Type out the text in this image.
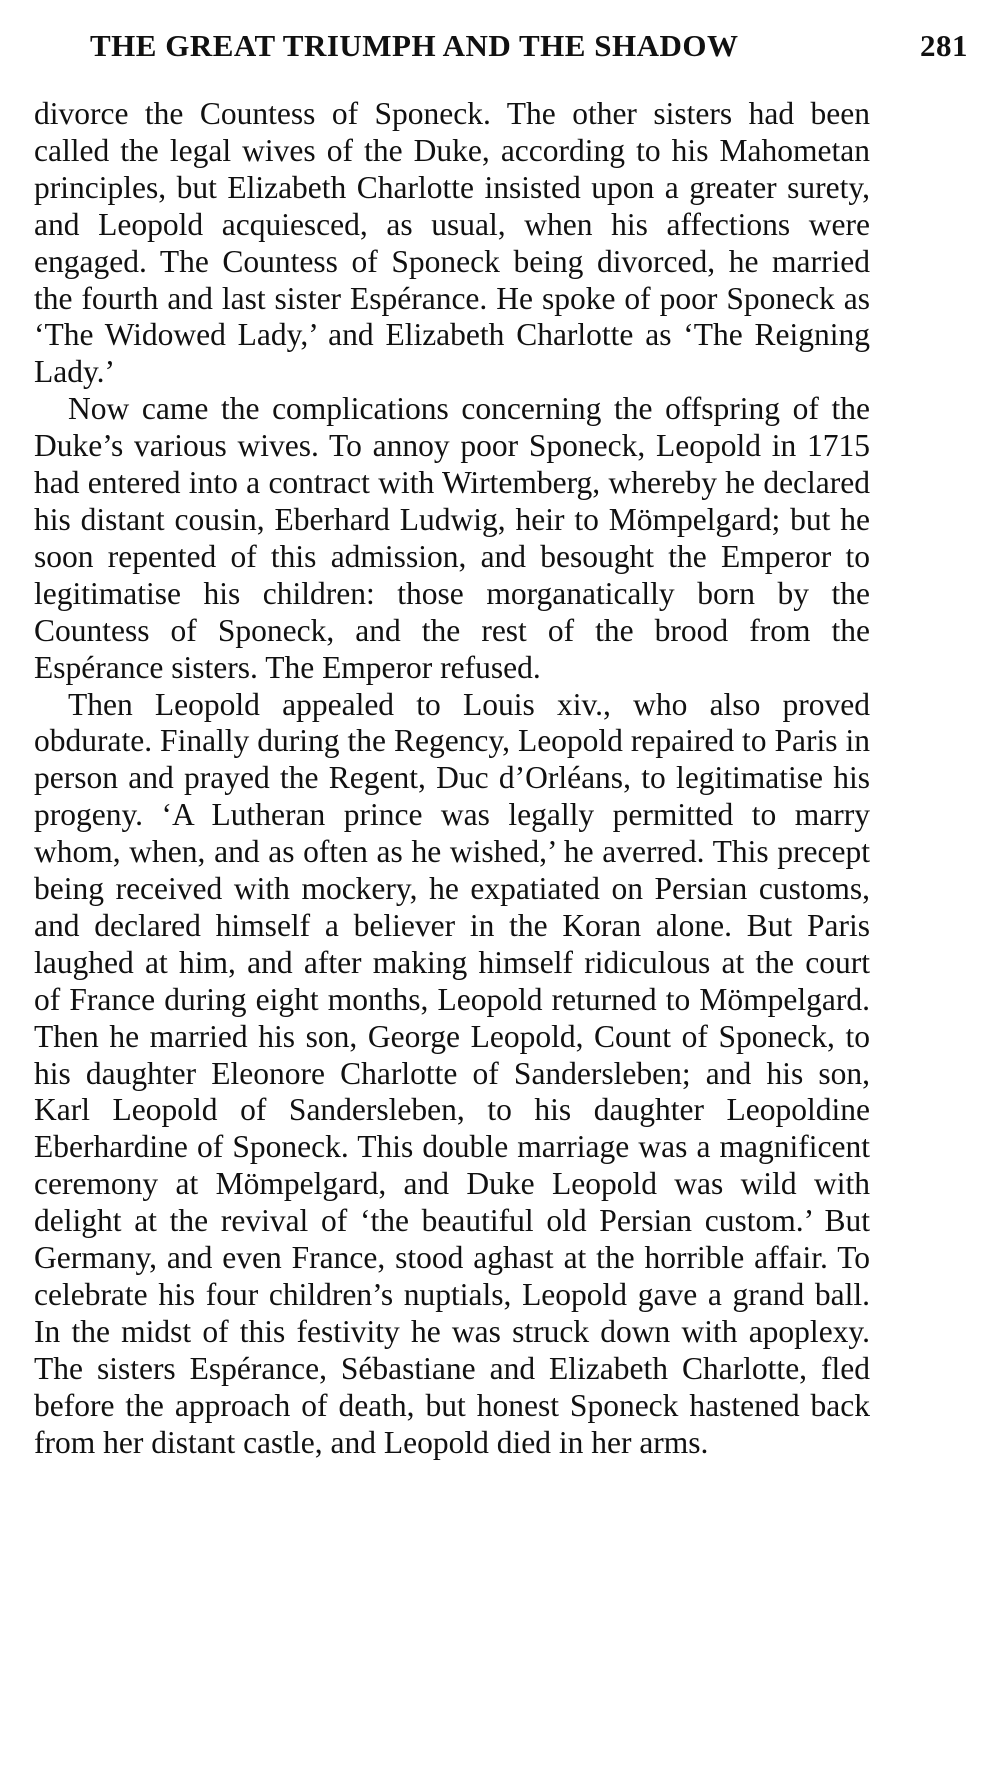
THE GREAT TRIUMPH AND THE SHADOW	281

divorce the Countess of Sponeck. The other sisters had been called the legal wives of the Duke, according to his Mahometan principles, but Elizabeth Charlotte insisted upon a greater surety, and Leopold acquiesced, as usual, when his affections were engaged. The Countess of Sponeck being divorced, he married the fourth and last sister Espérance. He spoke of poor Sponeck as ‘The Widowed Lady,’ and Elizabeth Charlotte as ‘The Reigning Lady.’

Now came the complications concerning the offspring of the Duke’s various wives. To annoy poor Sponeck, Leopold in 1715 had entered into a contract with Wirtemberg, whereby he declared his distant cousin, Eberhard Ludwig, heir to Mömpelgard; but he soon repented of this admission, and besought the Emperor to legitimatise his children: those morganatically born by the Countess of Sponeck, and the rest of the brood from the Espérance sisters. The Emperor refused.

Then Leopold appealed to Louis xiv., who also proved obdurate. Finally during the Regency, Leopold repaired to Paris in person and prayed the Regent, Duc d’Orléans, to legitimatise his progeny. ‘A Lutheran prince was legally permitted to marry whom, when, and as often as he wished,’ he averred. This precept being received with mockery, he expatiated on Persian customs, and declared himself a believer in the Koran alone. But Paris laughed at him, and after making himself ridiculous at the court of France during eight months, Leopold returned to Mömpelgard. Then he married his son, George Leopold, Count of Sponeck, to his daughter Eleonore Charlotte of Sandersleben; and his son, Karl Leopold of Sandersleben, to his daughter Leopoldine Eberhardine of Sponeck. This double marriage was a magnificent ceremony at Mömpelgard, and Duke Leopold was wild with delight at the revival of ‘the beautiful old Persian custom.’ But Germany, and even France, stood aghast at the horrible affair. To celebrate his four children’s nuptials, Leopold gave a grand ball. In the midst of this festivity he was struck down with apoplexy. The sisters Espérance, Sébastiane and Elizabeth Charlotte, fled before the approach of death, but honest Sponeck hastened back from her distant castle, and Leopold died in her arms.
